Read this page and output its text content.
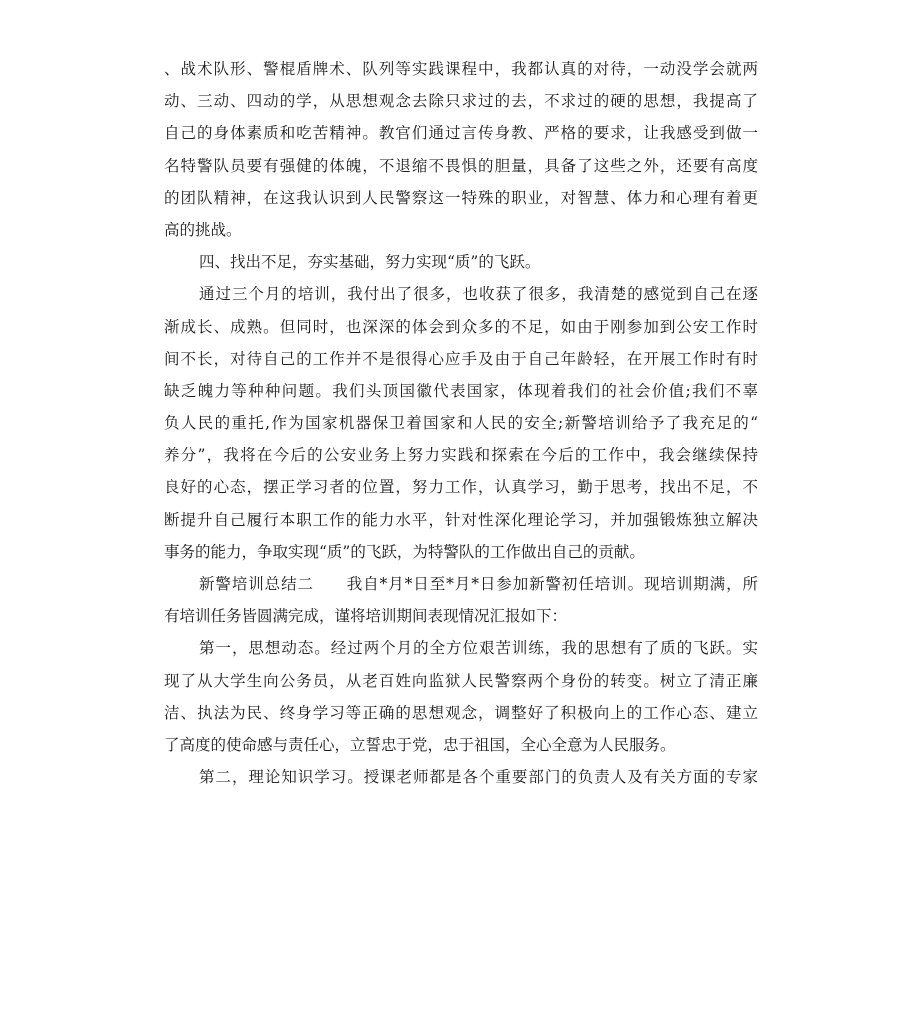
、战术队形、警棍盾牌术、队列等实践课程中，我都认真的对待，一动没学会就两
动、三动、四动的学，从思想观念去除只求过的去，不求过的硬的思想，我提高了
自己的身体素质和吃苦精神。教官们通过言传身教、严格的要求，让我感受到做一
名特警队员要有强健的体魄，不退缩不畏惧的胆量，具备了这些之外，还要有高度
的团队精神，在这我认识到人民警察这一特殊的职业，对智慧、体力和心理有着更
高的挑战。
四、找出不足，夯实基础，努力实现“质”的飞跃。
通过三个月的培训，我付出了很多，也收获了很多，我清楚的感觉到自己在逐
渐成长、成熟。但同时，也深深的体会到众多的不足，如由于刚参加到公安工作时
间不长，对待自己的工作并不是很得心应手及由于自己年龄轻，在开展工作时有时
缺乏魄力等种种问题。我们头顶国徽代表国家，体现着我们的社会价值;我们不辜
负人民的重托,作为国家机器保卫着国家和人民的安全;新警培训给予了我充足的“
养分”，我将在今后的公安业务上努力实践和探索在今后的工作中，我会继续保持
良好的心态，摆正学习者的位置，努力工作，认真学习，勤于思考，找出不足，不
断提升自己履行本职工作的能力水平，针对性深化理论学习，并加强锻炼独立解决
事务的能力，争取实现“质”的飞跃，为特警队的工作做出自己的贡献。
新警培训总结二　　我自*月*日至*月*日参加新警初任培训。现培训期满，所
有培训任务皆圆满完成，谨将培训期间表现情况汇报如下：
第一，思想动态。经过两个月的全方位艰苦训练，我的思想有了质的飞跃。实
现了从大学生向公务员，从老百姓向监狱人民警察两个身份的转变。树立了清正廉
洁、执法为民、终身学习等正确的思想观念，调整好了积极向上的工作心态、建立
了高度的使命感与责任心，立誓忠于党，忠于祖国，全心全意为人民服务。
第二，理论知识学习。授课老师都是各个重要部门的负责人及有关方面的专家
